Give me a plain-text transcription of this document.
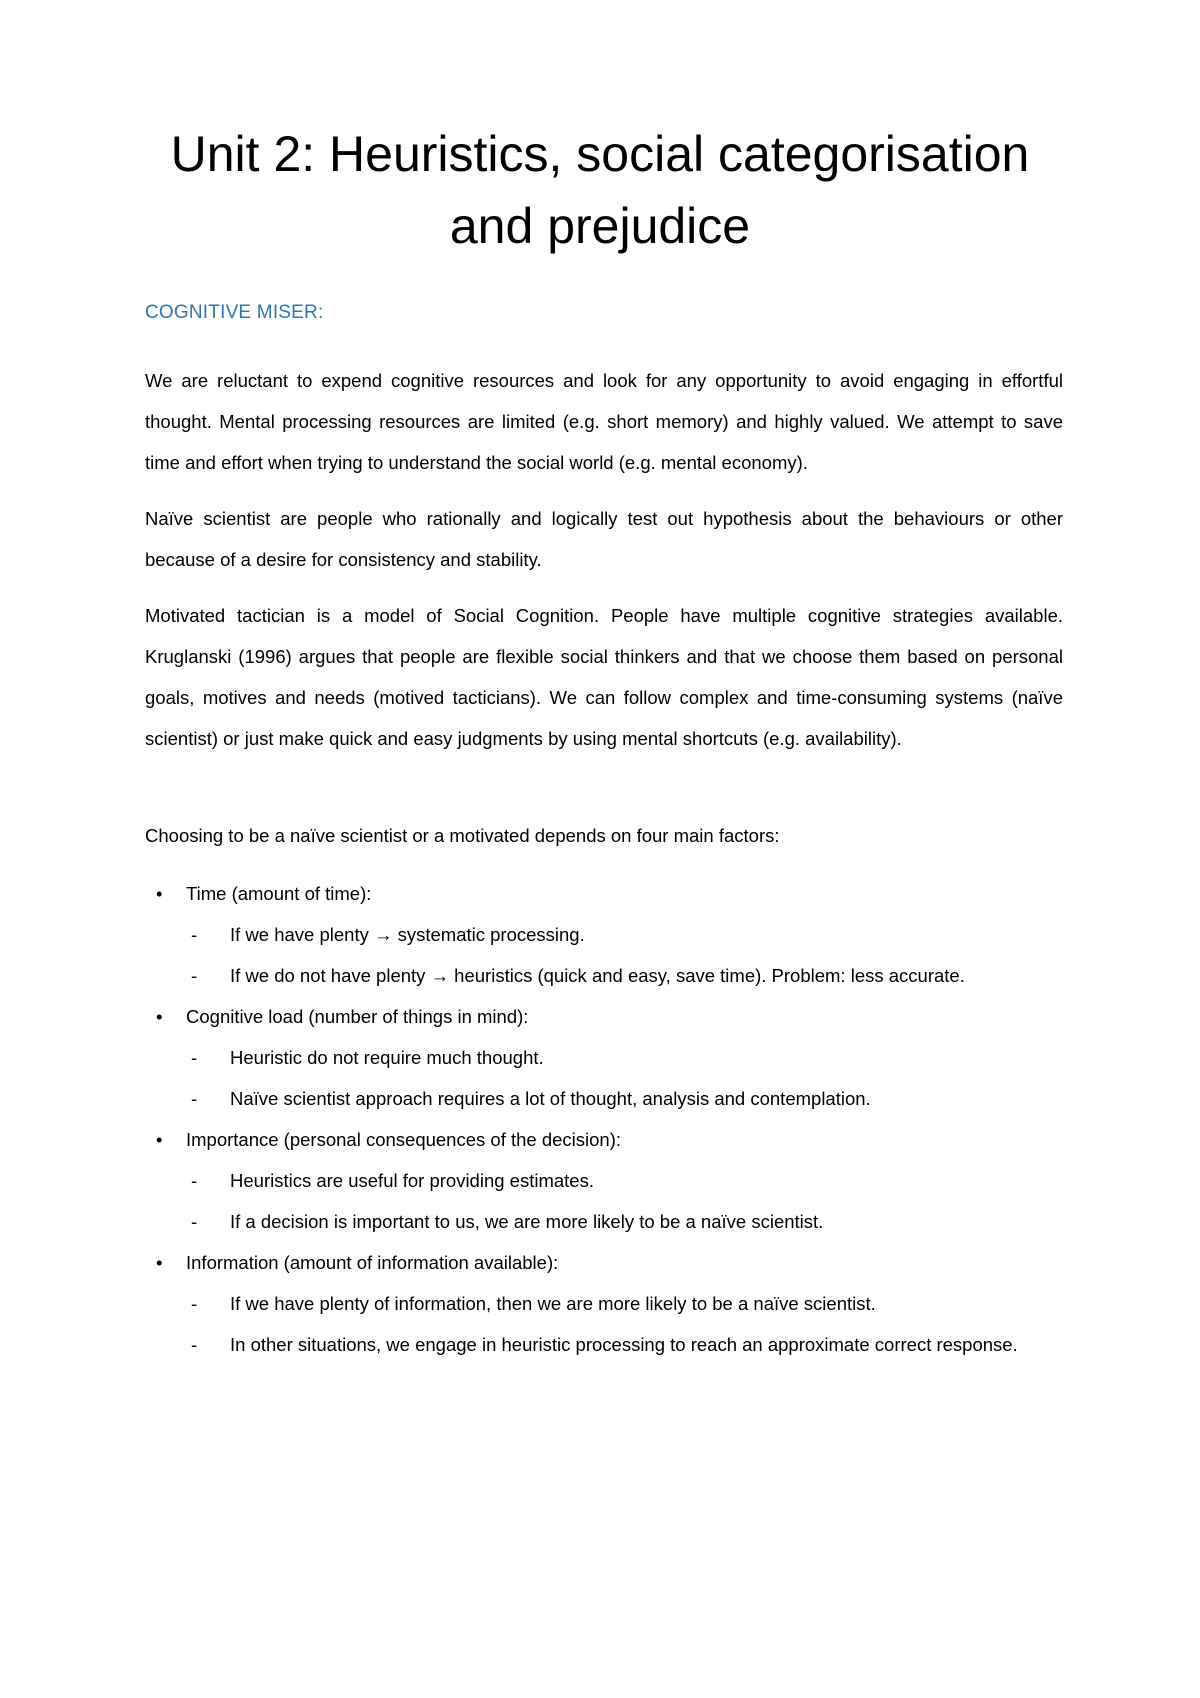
Unit 2: Heuristics, social categorisation
and prejudice
COGNITIVE MISER:

We are reluctant to expend cognitive resources and look for any opportunity to avoid engaging in effortful thought. Mental processing resources are limited (e.g. short memory) and highly valued. We attempt to save time and effort when trying to understand the social world (e.g. mental economy).

Naïve scientist are people who rationally and logically test out hypothesis about the behaviours or other because of a desire for consistency and stability.

Motivated tactician is a model of Social Cognition. People have multiple cognitive strategies available. Kruglanski (1996) argues that people are flexible social thinkers and that we choose them based on personal goals, motives and needs (motived tacticians). We can follow complex and time-consuming systems (naïve scientist) or just make quick and easy judgments by using mental shortcuts (e.g. availability).

Choosing to be a naïve scientist or a motivated depends on four main factors:

•	Time (amount of time):
-	If we have plenty → systematic processing.
-	If we do not have plenty → heuristics (quick and easy, save time). Problem: less accurate.
•	Cognitive load (number of things in mind):
-	Heuristic do not require much thought.
-	Naïve scientist approach requires a lot of thought, analysis and contemplation.
•	Importance (personal consequences of the decision):
-	Heuristics are useful for providing estimates.
-	If a decision is important to us, we are more likely to be a naïve scientist.
•	Information (amount of information available):
-	If we have plenty of information, then we are more likely to be a naïve scientist.
-	In other situations, we engage in heuristic processing to reach an approximate correct response.
